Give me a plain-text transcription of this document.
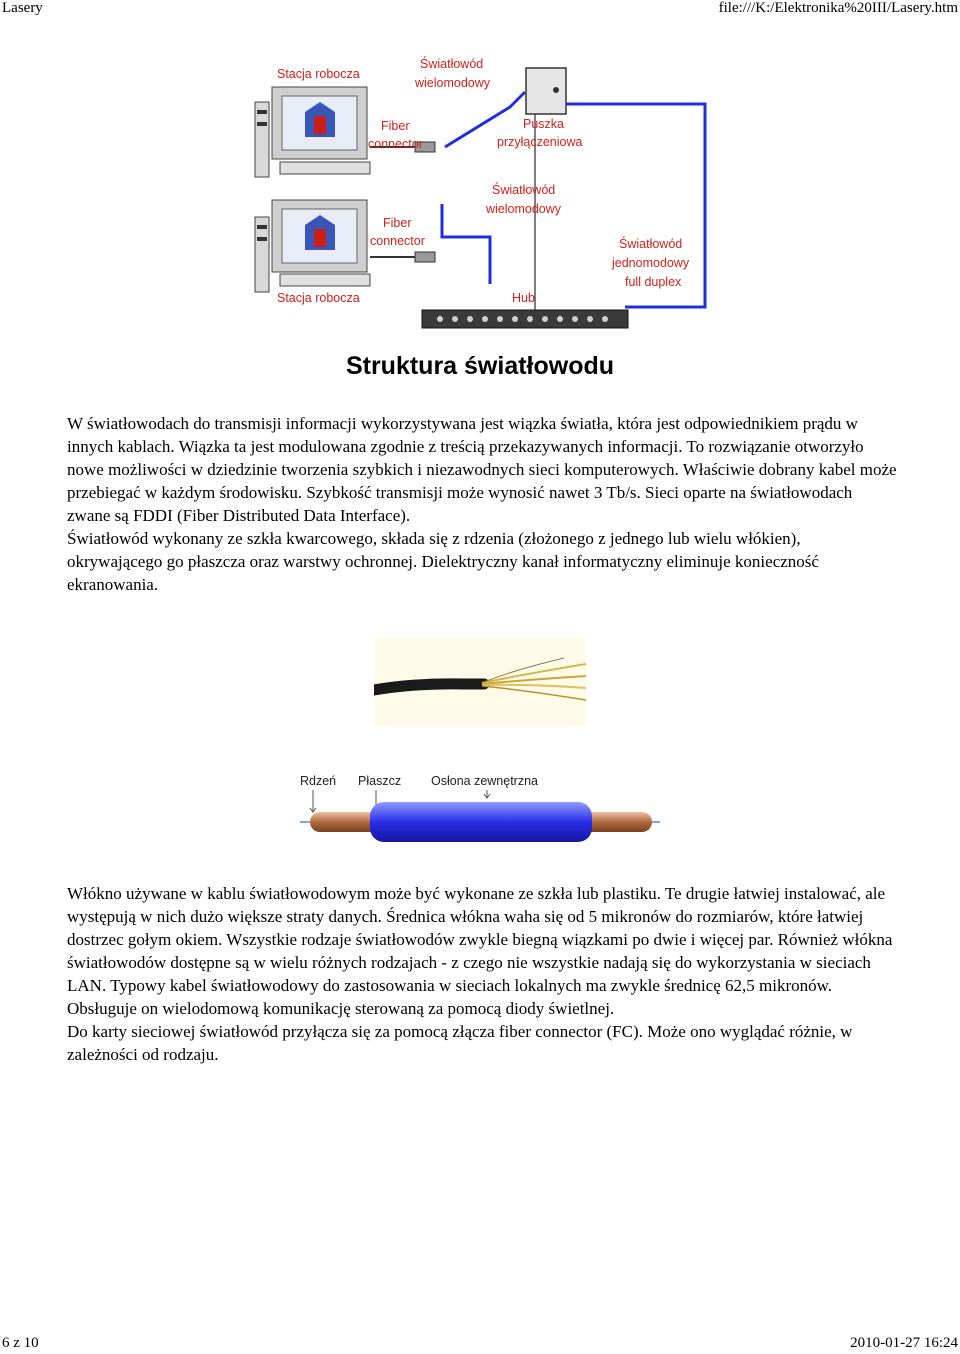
Lasery	file:///K:/Elektronika%20III/Lasery.htm
Stacja robocza
Światłowód
wielomodowy
Fiber
connector
Puszka
przyłączeniowa
Światłowód
wielomodowy
Fiber
connector	Światłowód
jednomodowy
full duplex
Hub
Stacja robocza
Struktura światłowodu

W światłowodach do transmisji informacji wykorzystywana jest wiązka światła, która jest odpowiednikiem prądu w innych kablach. Wiązka ta jest modulowana zgodnie z treścią przekazywanych informacji. To rozwiązanie otworzyło nowe możliwości w dziedzinie tworzenia szybkich i niezawodnych sieci komputerowych. Właściwie dobrany kabel może przebiegać w każdym środowisku. Szybkość transmisji może wynosić nawet 3 Tb/s. Sieci oparte na światłowodach zwane są FDDI (Fiber Distributed Data Interface).

Światłowód wykonany ze szkła kwarcowego, składa się z rdzenia (złożonego z jednego lub wielu włókien), okrywającego go płaszcza oraz warstwy ochronnej. Dielektryczny kanał informatyczny eliminuje konieczność ekranowania.

Rdzeń Płaszcz Osłona zewnętrzna

Włókno używane w kablu światłowodowym może być wykonane ze szkła lub plastiku. Te drugie łatwiej instalować, ale występują w nich dużo większe straty danych. Średnica włókna waha się od 5 mikronów do rozmiarów, które łatwiej dostrzec gołym okiem. Wszystkie rodzaje światłowodów zwykle biegną wiązkami po dwie i więcej par. Również włókna światłowodów dostępne są w wielu różnych rodzajach - z czego nie wszystkie nadają się do wykorzystania w sieciach LAN. Typowy kabel światłowodowy do zastosowania w sieciach lokalnych ma zwykle średnicę 62,5 mikronów. Obsługuje on wielodomową komunikację sterowaną za pomocą diody świetlnej.

Do karty sieciowej światłowód przyłącza się za pomocą złącza fiber connector (FC). Może ono wyglądać różnie, w zależności od rodzaju.

6 z 10	2010-01-27 16:24
